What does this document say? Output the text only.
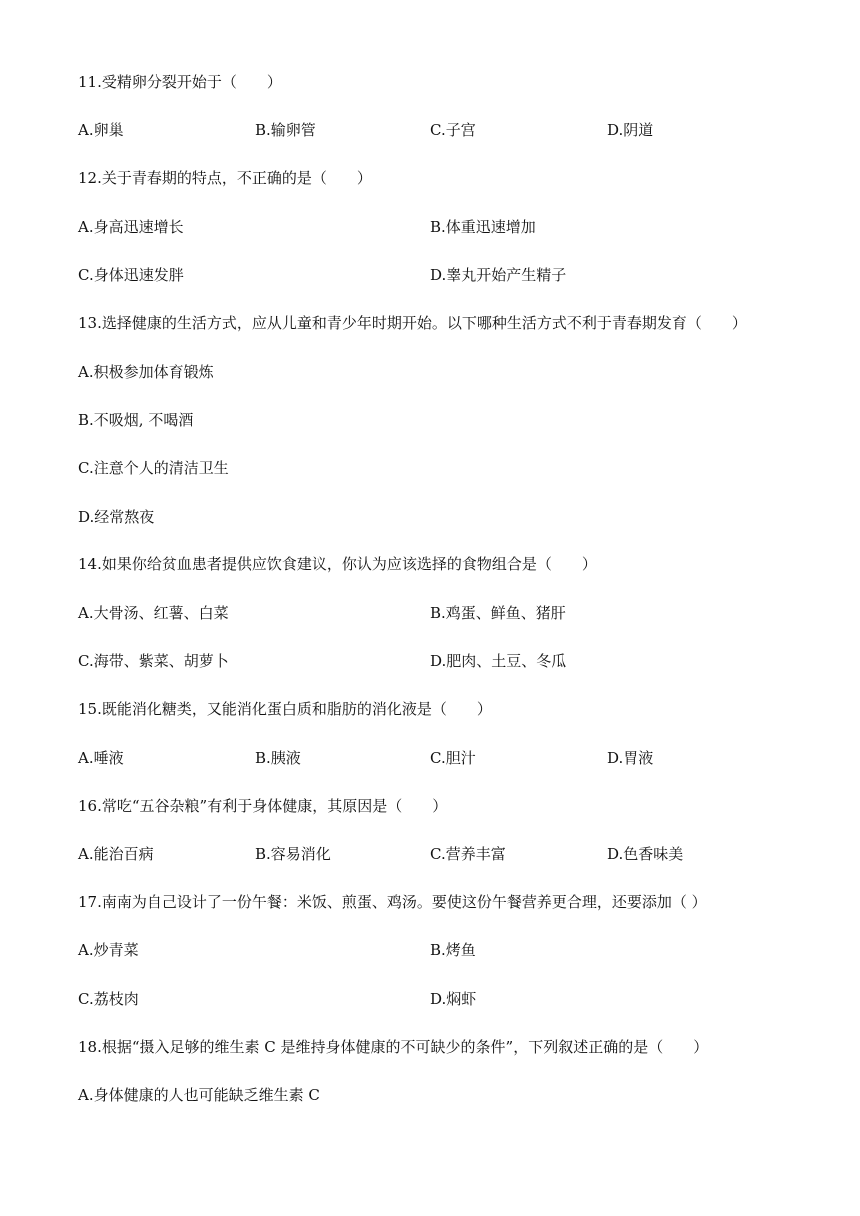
11.受精卵分裂开始于（　　）
A.卵巢	B.输卵管	C.子宫	D.阴道
12.关于青春期的特点，不正确的是（　　）
A.身高迅速增长	B.体重迅速增加
C.身体迅速发胖	D.睾丸开始产生精子
13.选择健康的生活方式，应从儿童和青少年时期开始。以下哪种生活方式不利于青春期发育（　　）
A.积极参加体育锻炼
B.不吸烟, 不喝酒
C.注意个人的清洁卫生
D.经常熬夜
14.如果你给贫血患者提供应饮食建议，你认为应该选择的食物组合是（　　）
A.大骨汤、红薯、白菜	B.鸡蛋、鲜鱼、猪肝
C.海带、紫菜、胡萝卜	D.肥肉、土豆、冬瓜
15.既能消化糖类，又能消化蛋白质和脂肪的消化液是（　　）
A.唾液	B.胰液	C.胆汁	D.胃液
16.常吃“五谷杂粮”有利于身体健康，其原因是（　　）
A.能治百病	B.容易消化	C.营养丰富	D.色香味美
17.南南为自己设计了一份午餐：米饭、煎蛋、鸡汤。要使这份午餐营养更合理，还要添加（ ）
A.炒青菜	B.烤鱼
C.荔枝肉	D.焖虾
18.根据“摄入足够的维生素 C 是维持身体健康的不可缺少的条件”，下列叙述正确的是（　　）
A.身体健康的人也可能缺乏维生素 C
